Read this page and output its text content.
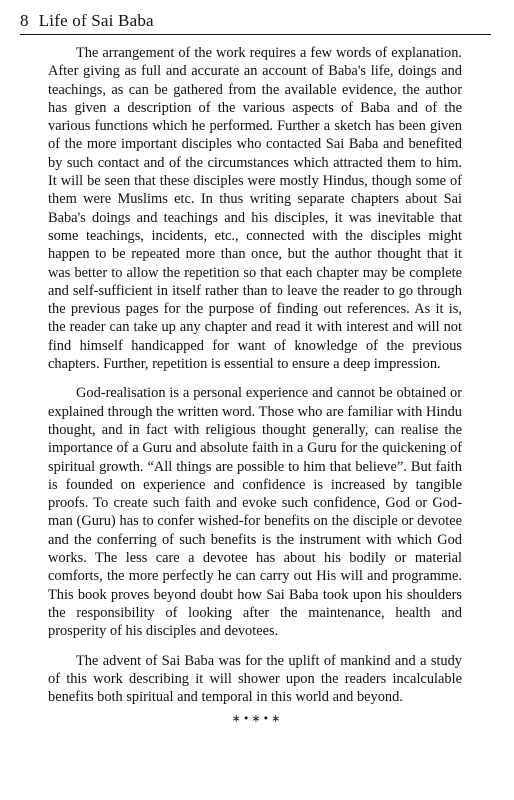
8 Life of Sai Baba

The arrangement of the work requires a few words of explanation. After giving as full and accurate an account of Baba's life, doings and teachings, as can be gathered from the available evidence, the author has given a description of the various aspects of Baba and of the various functions which he performed. Further a sketch has been given of the more important disciples who contacted Sai Baba and benefited by such contact and of the circumstances which attracted them to him. It will be seen that these disciples were mostly Hindus, though some of them were Muslims etc. In thus writing separate chapters about Sai Baba's doings and teachings and his disciples, it was inevitable that some teachings, incidents, etc., connected with the disciples might happen to be repeated more than once, but the author thought that it was better to allow the repetition so that each chapter may be complete and self-sufficient in itself rather than to leave the reader to go through the previous pages for the purpose of finding out references. As it is, the reader can take up any chapter and read it with interest and will not find himself handicapped for want of knowledge of the previous chapters. Further, repetition is essential to ensure a deep impression.

God-realisation is a personal experience and cannot be obtained or explained through the written word. Those who are familiar with Hindu thought, and in fact with religious thought generally, can realise the importance of a Guru and absolute faith in a Guru for the quickening of spiritual growth. “All things are possible to him that believe”. But faith is founded on experience and confidence is increased by tangible proofs. To create such faith and evoke such confidence, God or God-man (Guru) has to confer wished-for benefits on the disciple or devotee and the conferring of such benefits is the instrument with which God works. The less care a devotee has about his bodily or material comforts, the more perfectly he can carry out His will and programme. This book proves beyond doubt how Sai Baba took upon his shoulders the responsibility of looking after the maintenance, health and prosperity of his disciples and devotees.

The advent of Sai Baba was for the uplift of mankind and a study of this work describing it will shower upon the readers incalculable benefits both spiritual and temporal in this world and beyond.

∗•∗•∗
